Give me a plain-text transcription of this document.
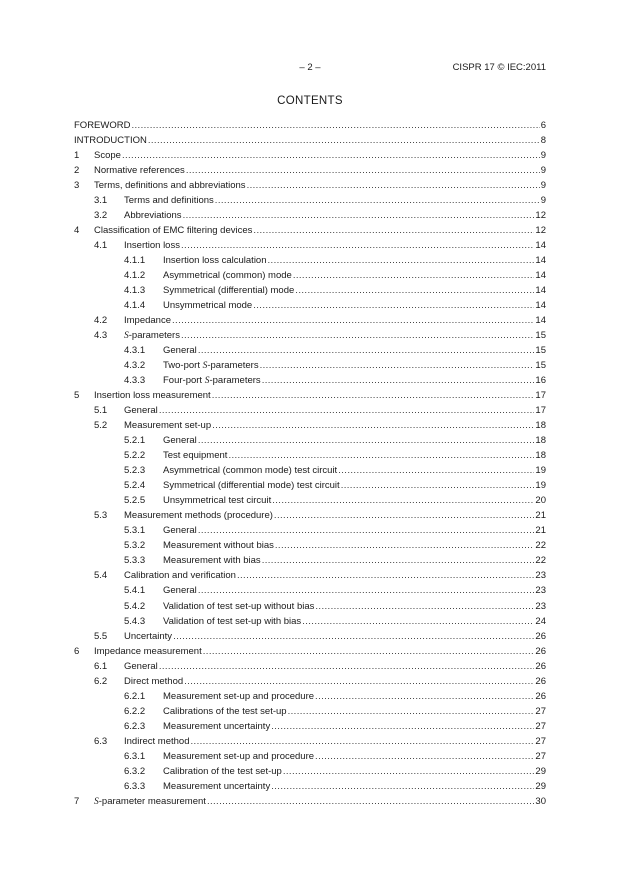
– 2 –	CISPR 17 © IEC:2011
CONTENTS
FOREWORD .....	6
INTRODUCTION .....	8
1 Scope .....	9
2 Normative references .....	9
3 Terms, definitions and abbreviations .....	9
3.1 Terms and definitions .....	9
3.2 Abbreviations .....	12
4 Classification of EMC filtering devices .....	12
4.1 Insertion loss .....	14
4.1.1 Insertion loss calculation .....	14
4.1.2 Asymmetrical (common) mode .....	14
4.1.3 Symmetrical (differential) mode .....	14
4.1.4 Unsymmetrical mode .....	14
4.2 Impedance .....	14
4.3 S-parameters .....	15
4.3.1 General .....	15
4.3.2 Two-port S-parameters .....	15
4.3.3 Four-port S-parameters .....	16
5 Insertion loss measurement .....	17
5.1 General .....	17
5.2 Measurement set-up .....	18
5.2.1 General .....	18
5.2.2 Test equipment .....	18
5.2.3 Asymmetrical (common mode) test circuit .....	19
5.2.4 Symmetrical (differential mode) test circuit .....	19
5.2.5 Unsymmetrical test circuit .....	20
5.3 Measurement methods (procedure) .....	21
5.3.1 General .....	21
5.3.2 Measurement without bias .....	22
5.3.3 Measurement with bias .....	22
5.4 Calibration and verification .....	23
5.4.1 General .....	23
5.4.2 Validation of test set-up without bias .....	23
5.4.3 Validation of test set-up with bias .....	24
5.5 Uncertainty .....	26
6 Impedance measurement .....	26
6.1 General .....	26
6.2 Direct method .....	26
6.2.1 Measurement set-up and procedure .....	26
6.2.2 Calibrations of the test set-up .....	27
6.2.3 Measurement uncertainty .....	27
6.3 Indirect method .....	27
6.3.1 Measurement set-up and procedure .....	27
6.3.2 Calibration of the test set-up .....	29
6.3.3 Measurement uncertainty .....	29
7 S-parameter measurement .....	30
